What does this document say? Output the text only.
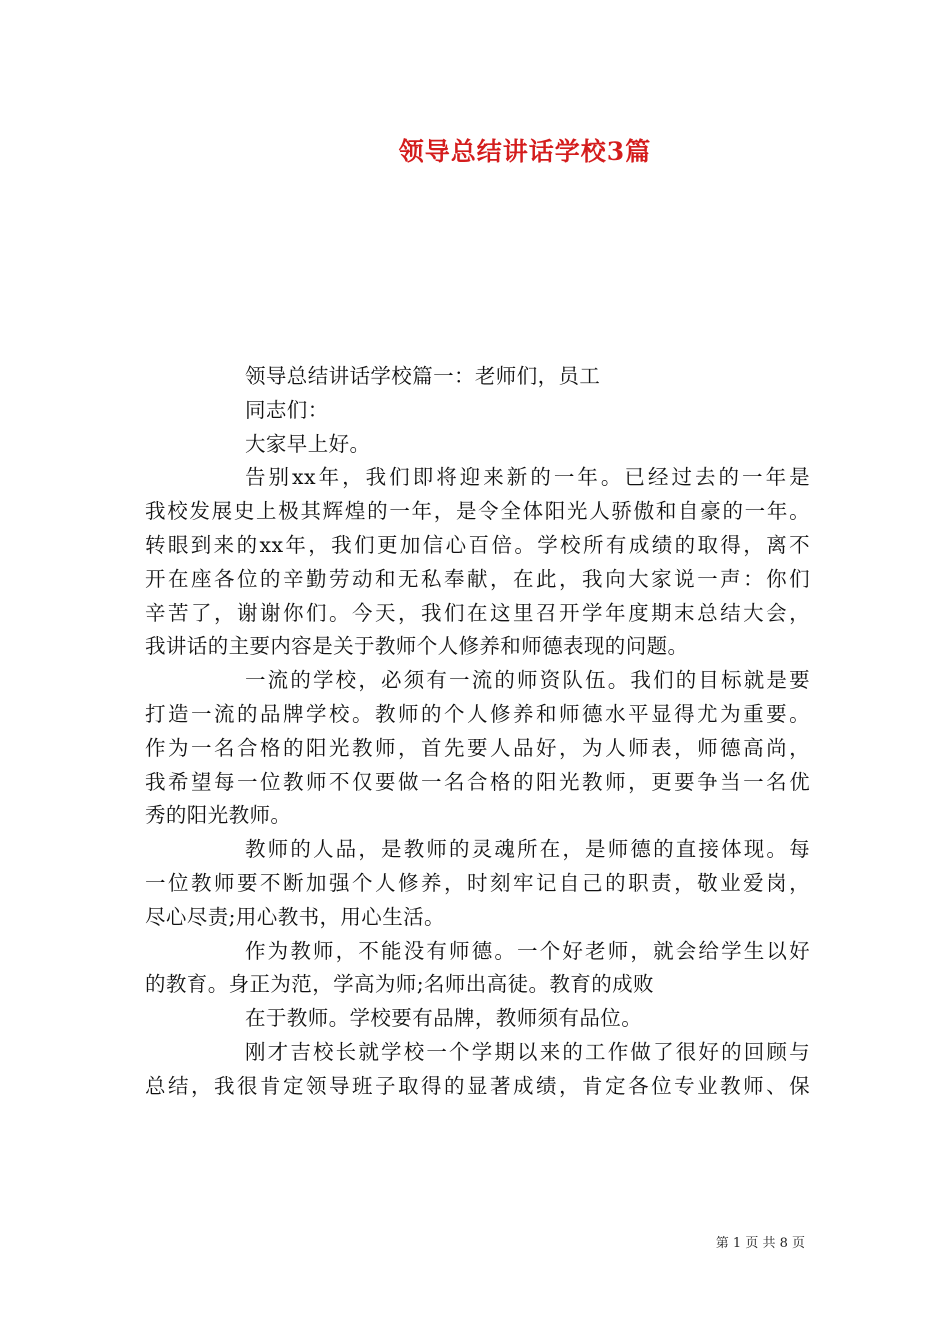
领导总结讲话学校3篇
领导总结讲话学校篇一：老师们，员工
同志们：
大家早上好。
告别xx年，我们即将迎来新的一年。已经过去的一年是
我校发展史上极其辉煌的一年，是令全体阳光人骄傲和自豪的一年。
转眼到来的xx年，我们更加信心百倍。学校所有成绩的取得，离不
开在座各位的辛勤劳动和无私奉献，在此，我向大家说一声：你们
辛苦了，谢谢你们。今天，我们在这里召开学年度期末总结大会，
我讲话的主要内容是关于教师个人修养和师德表现的问题。
一流的学校，必须有一流的师资队伍。我们的目标就是要
打造一流的品牌学校。教师的个人修养和师德水平显得尤为重要。
作为一名合格的阳光教师，首先要人品好，为人师表，师德高尚，
我希望每一位教师不仅要做一名合格的阳光教师，更要争当一名优
秀的阳光教师。
教师的人品，是教师的灵魂所在，是师德的直接体现。每
一位教师要不断加强个人修养，时刻牢记自己的职责，敬业爱岗，
尽心尽责;用心教书，用心生活。
作为教师，不能没有师德。一个好老师，就会给学生以好
的教育。身正为范，学高为师;名师出高徒。教育的成败
在于教师。学校要有品牌，教师须有品位。
刚才吉校长就学校一个学期以来的工作做了很好的回顾与
总结，我很肯定领导班子取得的显著成绩，肯定各位专业教师、保
第 1 页 共 8 页
